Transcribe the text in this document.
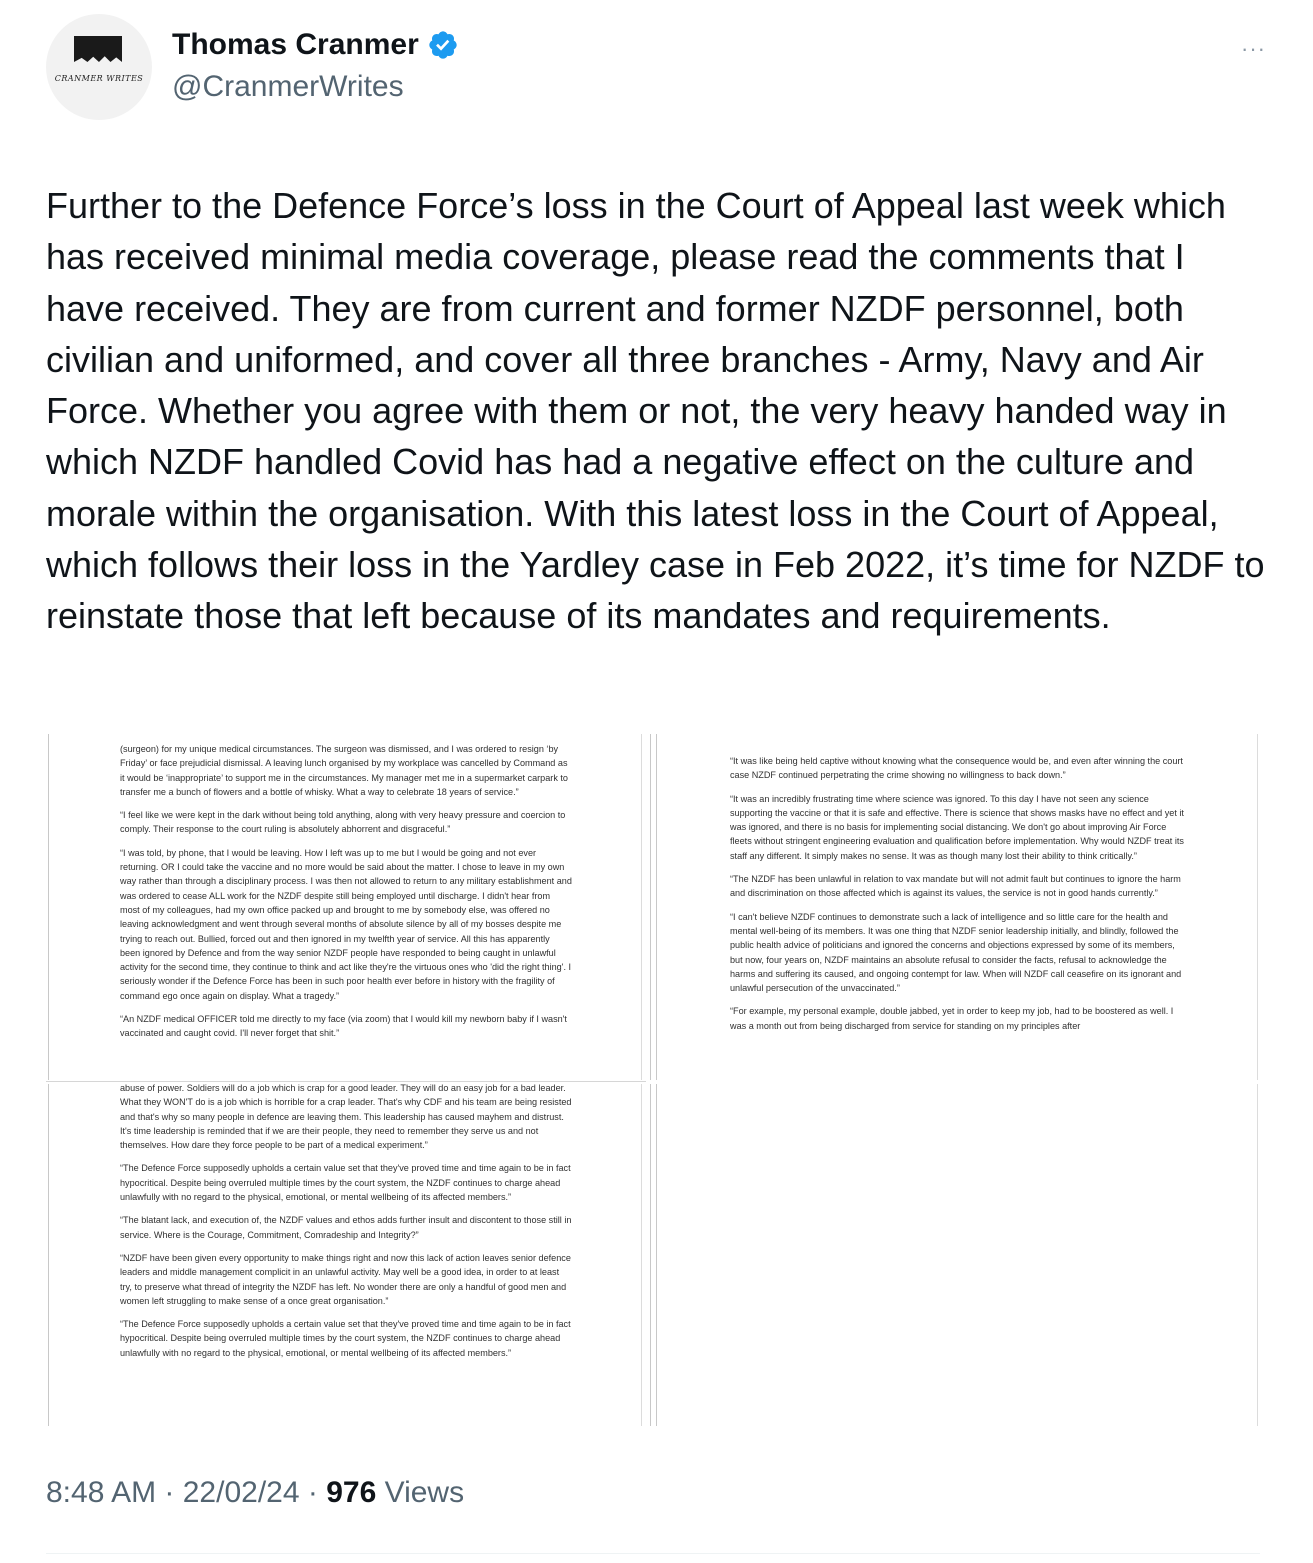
CRANMER WRITES
Thomas Cranmer
@CranmerWrites
···
Further to the Defence Force’s loss in the Court of Appeal last week which has received minimal media coverage, please read the comments that I have received. They are from current and former NZDF personnel, both civilian and uniformed, and cover all three branches - Army, Navy and Air Force. Whether you agree with them or not, the very heavy handed way in which NZDF handled Covid has had a negative effect on the culture and morale within the organisation. With this latest loss in the Court of Appeal, which follows their loss in the Yardley case in Feb 2022, it’s time for NZDF to reinstate those that left because of its mandates and requirements.

(surgeon) for my unique medical circumstances. The surgeon was dismissed, and I was ordered to resign ‘by Friday’ or face prejudicial dismissal. A leaving lunch organised by my workplace was cancelled by Command as it would be ‘inappropriate’ to support me in the circumstances. My manager met me in a supermarket carpark to transfer me a bunch of flowers and a bottle of whisky. What a way to celebrate 18 years of service.”

“I feel like we were kept in the dark without being told anything, along with very heavy pressure and coercion to comply. Their response to the court ruling is absolutely abhorrent and disgraceful.”

“I was told, by phone, that I would be leaving. How I left was up to me but I would be going and not ever returning. OR I could take the vaccine and no more would be said about the matter. I chose to leave in my own way rather than through a disciplinary process. I was then not allowed to return to any military establishment and was ordered to cease ALL work for the NZDF despite still being employed until discharge. I didn't hear from most of my colleagues, had my own office packed up and brought to me by somebody else, was offered no leaving acknowledgment and went through several months of absolute silence by all of my bosses despite me trying to reach out. Bullied, forced out and then ignored in my twelfth year of service. All this has apparently been ignored by Defence and from the way senior NZDF people have responded to being caught in unlawful activity for the second time, they continue to think and act like they're the virtuous ones who 'did the right thing'. I seriously wonder if the Defence Force has been in such poor health ever before in history with the fragility of command ego once again on display. What a tragedy.”

“An NZDF medical OFFICER told me directly to my face (via zoom) that I would kill my newborn baby if I wasn't vaccinated and caught covid. I'll never forget that shit.”

abuse of power. Soldiers will do a job which is crap for a good leader. They will do an easy job for a bad leader. What they WON'T do is a job which is horrible for a crap leader. That's why CDF and his team are being resisted and that's why so many people in defence are leaving them. This leadership has caused mayhem and distrust. It's time leadership is reminded that if we are their people, they need to remember they serve us and not themselves. How dare they force people to be part of a medical experiment.”

“The Defence Force supposedly upholds a certain value set that they've proved time and time again to be in fact hypocritical. Despite being overruled multiple times by the court system, the NZDF continues to charge ahead unlawfully with no regard to the physical, emotional, or mental wellbeing of its affected members.”

“The blatant lack, and execution of, the NZDF values and ethos adds further insult and discontent to those still in service. Where is the Courage, Commitment, Comradeship and Integrity?”

“NZDF have been given every opportunity to make things right and now this lack of action leaves senior defence leaders and middle management complicit in an unlawful activity. May well be a good idea, in order to at least try, to preserve what thread of integrity the NZDF has left. No wonder there are only a handful of good men and women left struggling to make sense of a once great organisation.”

“The Defence Force supposedly upholds a certain value set that they've proved time and time again to be in fact hypocritical. Despite being overruled multiple times by the court system, the NZDF continues to charge ahead unlawfully with no regard to the physical, emotional, or mental wellbeing of its affected members.”

“It was like being held captive without knowing what the consequence would be, and even after winning the court case NZDF continued perpetrating the crime showing no willingness to back down.”

“It was an incredibly frustrating time where science was ignored. To this day I have not seen any science supporting the vaccine or that it is safe and effective. There is science that shows masks have no effect and yet it was ignored, and there is no basis for implementing social distancing. We don't go about improving Air Force fleets without stringent engineering evaluation and qualification before implementation. Why would NZDF treat its staff any different. It simply makes no sense. It was as though many lost their ability to think critically.”

“The NZDF has been unlawful in relation to vax mandate but will not admit fault but continues to ignore the harm and discrimination on those affected which is against its values, the service is not in good hands currently.”

“I can't believe NZDF continues to demonstrate such a lack of intelligence and so little care for the health and mental well-being of its members. It was one thing that NZDF senior leadership initially, and blindly, followed the public health advice of politicians and ignored the concerns and objections expressed by some of its members, but now, four years on, NZDF maintains an absolute refusal to consider the facts, refusal to acknowledge the harms and suffering its caused, and ongoing contempt for law. When will NZDF call ceasefire on its ignorant and unlawful persecution of the unvaccinated.”

“For example, my personal example, double jabbed, yet in order to keep my job, had to be boostered as well. I was a month out from being discharged from service for standing on my principles after

8:48 AM · 22/02/24 · 976 Views
